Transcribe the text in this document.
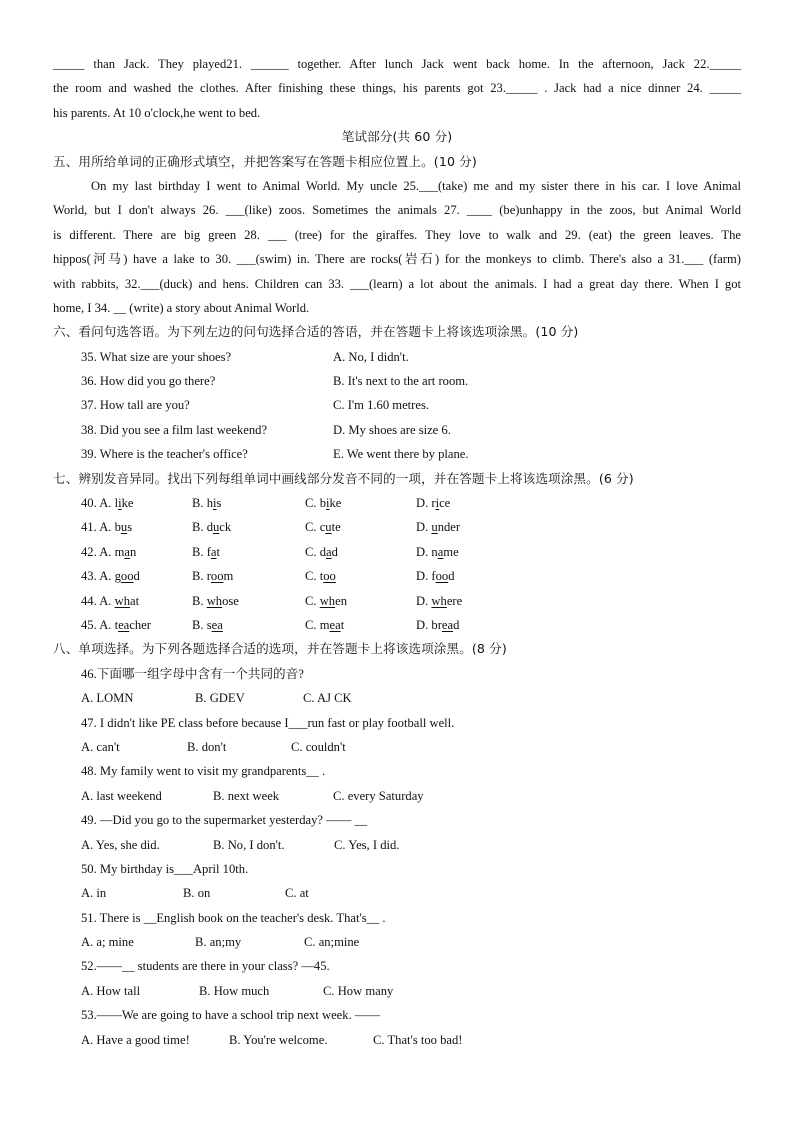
_____ than Jack. They played21. ______ together. After lunch Jack went back home. In the afternoon, Jack 22._____
the room and washed the clothes. After finishing these things, his parents got 23._____ . Jack had a nice dinner 24. _____
his parents. At 10 o'clock,he went to bed.
笔试部分(共 60 分)
五、用所给单词的正确形式填空，并把答案写在答题卡相应位置上。(10 分)
On my last birthday I went to Animal World. My uncle 25.___(take) me and my sister there in his car. I love Animal
World, but I don't always 26. ___(like) zoos. Sometimes the animals 27. ____ (be)unhappy in the zoos, but Animal World
is different. There are big green 28. ___ (tree) for the giraffes. They love to walk and 29. (eat) the green leaves. The
hippos(河马) have a lake to 30. ___(swim) in. There are rocks(岩石) for the monkeys to climb. There's also a 31.___ (farm)
with rabbits, 32.___(duck) and hens. Children can 33. ___(learn) a lot about the animals. I had a great day there. When I got
home, I 34. __ (write) a story about Animal World.
六、看问句选答语。为下列左边的问句选择合适的答语，并在答题卡上将该选项涂黑。(10 分)
35. What size are your shoes?	A. No, I didn't.
36. How did you go there?	B. It's next to the art room.
37. How tall are you?	C. I'm 1.60 metres.
38. Did you see a film last weekend?	D. My shoes are size 6.
39. Where is the teacher's office?	E. We went there by plane.
七、辨别发音异同。找出下列每组单词中画线部分发音不同的一项，并在答题卡上将该选项涂黑。(6 分)
40. A. like	B. his	C. bike	D. rice
41. A. bus	B. duck	C. cute	D. under
42. A. man	B. fat	C. dad	D. name
43. A. good	B. room	C. too	D. food
44. A. what	B. whose	C. when	D. where
45. A. teacher	B. sea	C. meat	D. bread
八、单项选择。为下列各题选择合适的选项，并在答题卡上将该选项涂黑。(8 分)
46.下面哪一组字母中含有一个共同的音?
A. LOMN	B. GDEV	C. AJ CK
47. I didn't like PE class before because I___run fast or play football well.
A. can't	B. don't	C. couldn't
48. My family went to visit my grandparents__ .
A. last weekend	B. next week	C. every Saturday
49. —Did you go to the supermarket yesterday? —— __
A. Yes, she did.	B. No, I don't.	C. Yes, I did.
50. My birthday is___April 10th.
A. in	B. on	C. at
51. There is __English book on the teacher's desk. That's__ .
A. a; mine	B. an;my	C. an;mine
52.——__ students are there in your class? —45.
A. How tall	B. How much	C. How many
53.——We are going to have a school trip next week. ——
A. Have a good time!	B. You're welcome.	C. That's too bad!
